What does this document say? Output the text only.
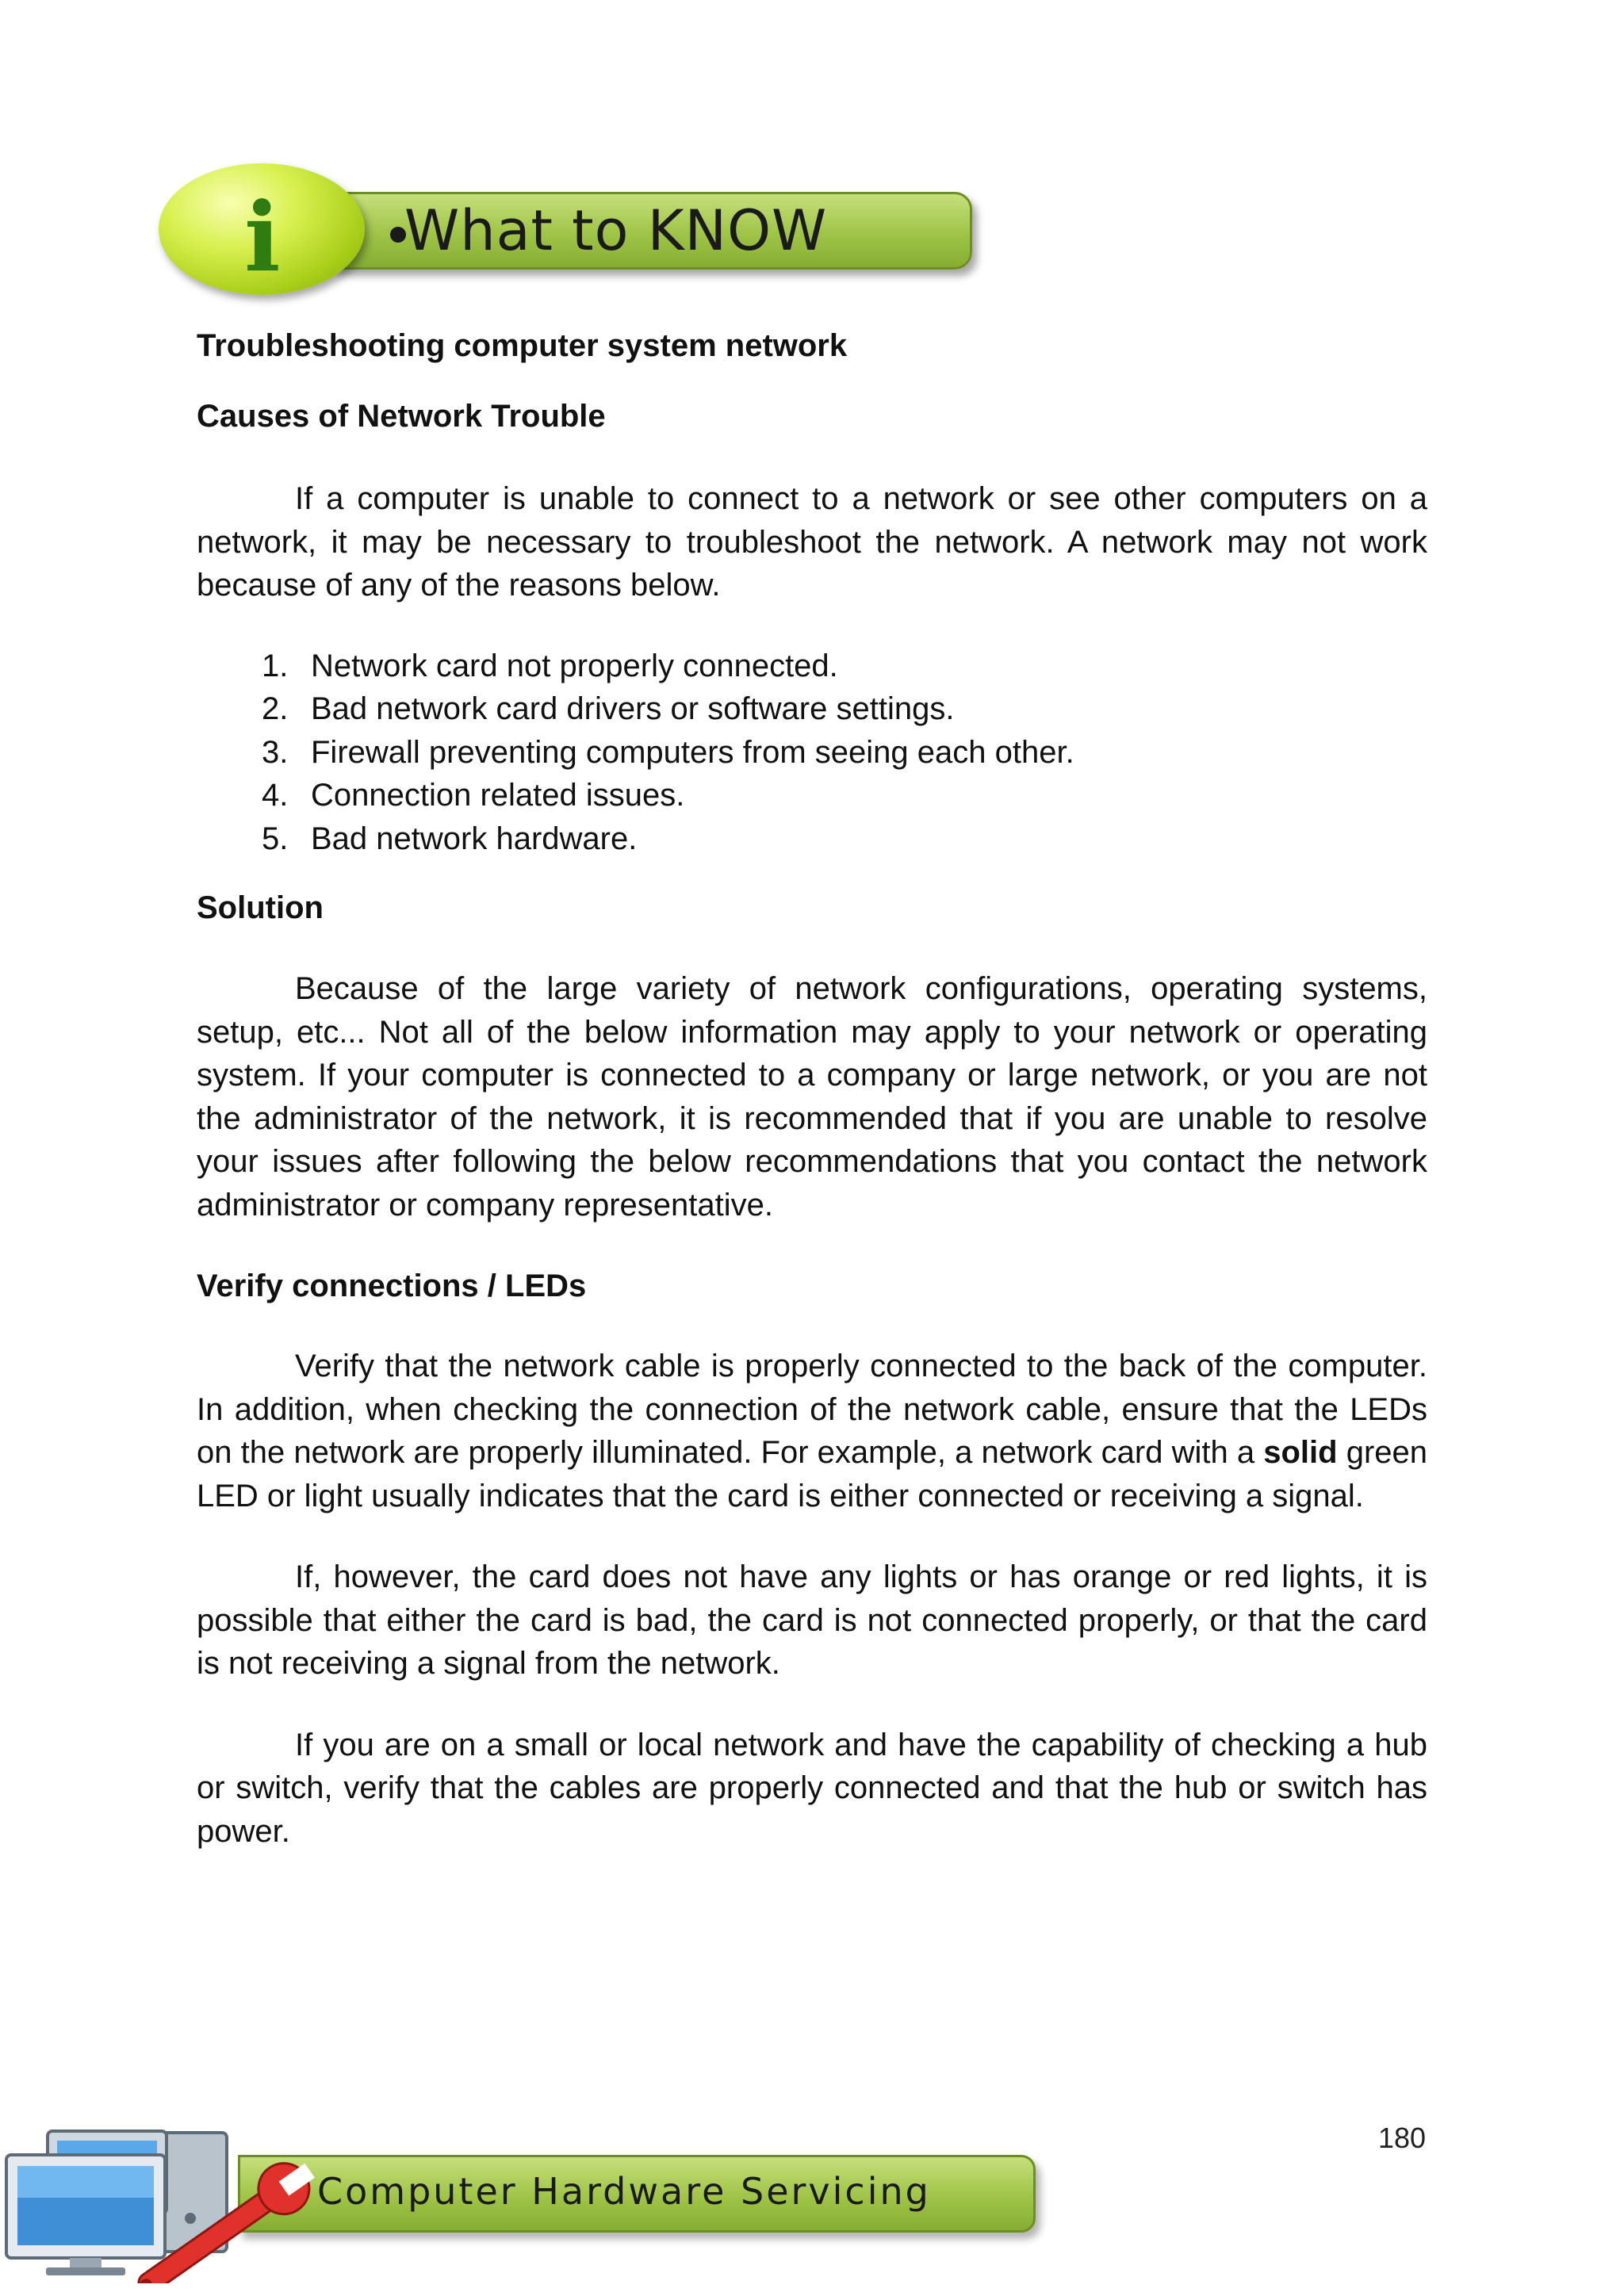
What to KNOW
i

Troubleshooting computer system network

Causes of Network Trouble

If a computer is unable to connect to a network or see other computers on a network, it may be necessary to troubleshoot the network. A network may not work because of any of the reasons below.

1. Network card not properly connected.
2. Bad network card drivers or software settings.
3. Firewall preventing computers from seeing each other.
4. Connection related issues.
5. Bad network hardware.

Solution

Because of the large variety of network configurations, operating systems, setup, etc... Not all of the below information may apply to your network or operating system. If your computer is connected to a company or large network, or you are not the administrator of the network, it is recommended that if you are unable to resolve your issues after following the below recommendations that you contact the network administrator or company representative.

Verify connections / LEDs

Verify that the network cable is properly connected to the back of the computer. In addition, when checking the connection of the network cable, ensure that the LEDs on the network are properly illuminated. For example, a network card with a solid green LED or light usually indicates that the card is either connected or receiving a signal.

If, however, the card does not have any lights or has orange or red lights, it is possible that either the card is bad, the card is not connected properly, or that the card is not receiving a signal from the network.

If you are on a small or local network and have the capability of checking a hub or switch, verify that the cables are properly connected and that the hub or switch has power.

180
Computer Hardware Servicing
